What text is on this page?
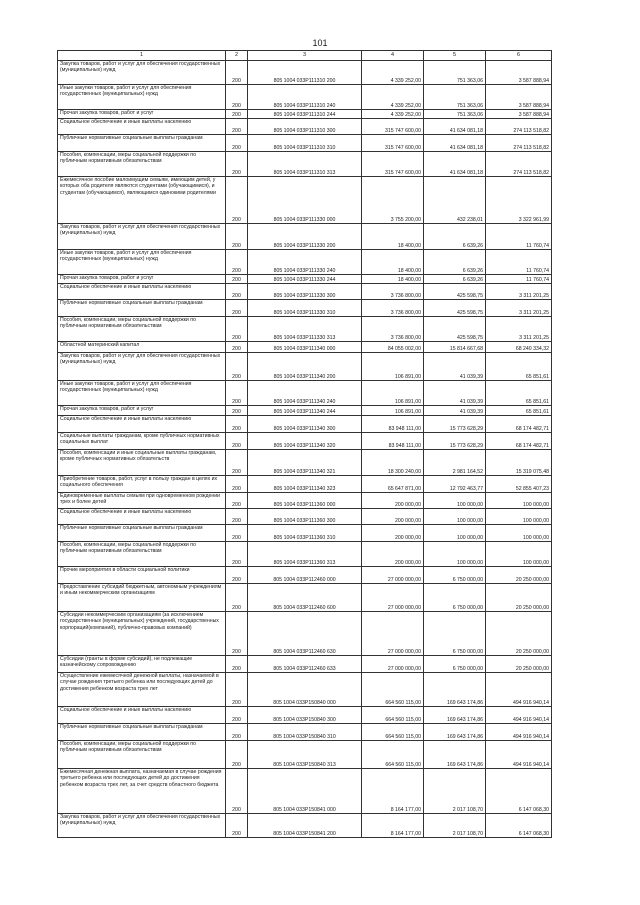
101
1	2	3	4	5	6
Закупка товаров, работ и услуг для обеспечения государственных (муниципальных) нужд	200	805 1004 033P111310 200	4 339 252,00	751 363,06	3 587 888,94
Иные закупки товаров, работ и услуг для обеспечения государственных (муниципальных) нужд	200	805 1004 033P111310 240	4 339 252,00	751 363,06	3 587 888,94
Прочая закупка товаров, работ и услуг	200	805 1004 033P111310 244	4 339 252,00	751 363,06	3 587 888,94
Социальное обеспечение и иные выплаты населению	200	805 1004 033P111310 300	315 747 600,00	41 634 081,18	274 113 518,82
Публичные нормативные социальные выплаты гражданам	200	805 1004 033P111310 310	315 747 600,00	41 634 081,18	274 113 518,82
Пособия, компенсации, меры социальной поддержки по публичным нормативным обязательствам	200	805 1004 033P111310 313	315 747 600,00	41 634 081,18	274 113 518,82
Ежемесячное пособие малоимущим семьям, имеющим детей, у которых оба родителя являются студентами (обучающимися), и студентам (обучающимся), являющимся одинокими родителями	200	805 1004 033P111330 000	3 755 200,00	432 238,01	3 322 961,99
Закупка товаров, работ и услуг для обеспечения государственных (муниципальных) нужд	200	805 1004 033P111330 200	18 400,00	6 639,26	11 760,74
Иные закупки товаров, работ и услуг для обеспечения государственных (муниципальных) нужд	200	805 1004 033P111330 240	18 400,00	6 639,26	11 760,74
Прочая закупка товаров, работ и услуг	200	805 1004 033P111330 244	18 400,00	6 639,26	11 760,74
Социальное обеспечение и иные выплаты населению	200	805 1004 033P111330 300	3 736 800,00	425 598,75	3 311 201,25
Публичные нормативные социальные выплаты гражданам	200	805 1004 033P111330 310	3 736 800,00	425 598,75	3 311 201,25
Пособия, компенсации, меры социальной поддержки по публичным нормативным обязательствам	200	805 1004 033P111330 313	3 736 800,00	425 598,75	3 311 201,25
Областной материнский капитал	200	805 1004 033P111340 000	84 055 002,00	15 814 667,68	68 240 334,32
Закупка товаров, работ и услуг для обеспечения государственных (муниципальных) нужд	200	805 1004 033P111340 200	106 891,00	41 039,39	65 851,61
Иные закупки товаров, работ и услуг для обеспечения государственных (муниципальных) нужд	200	805 1004 033P111340 240	106 891,00	41 039,39	65 851,61
Прочая закупка товаров, работ и услуг	200	805 1004 033P111340 244	106 891,00	41 039,39	65 851,61
Социальное обеспечение и иные выплаты населению	200	805 1004 033P111340 300	83 948 111,00	15 773 628,29	68 174 482,71
Социальные выплаты гражданам, кроме публичных нормативных социальных выплат	200	805 1004 033P111340 320	83 948 111,00	15 773 628,29	68 174 482,71
Пособия, компенсации и иные социальные выплаты гражданам, кроме публичных нормативных обязательств	200	805 1004 033P111340 321	18 300 240,00	2 981 164,52	15 319 075,48
Приобретение товаров, работ, услуг в пользу граждан в целях их социального обеспечения	200	805 1004 033P111340 323	65 647 871,00	12 792 463,77	52 855 407,23
Единовременные выплаты семьям при одновременном рождении трех и более детей	200	805 1004 033P111360 000	200 000,00	100 000,00	100 000,00
Социальное обеспечение и иные выплаты населению	200	805 1004 033P111360 300	200 000,00	100 000,00	100 000,00
Публичные нормативные социальные выплаты гражданам	200	805 1004 033P111360 310	200 000,00	100 000,00	100 000,00
Пособия, компенсации, меры социальной поддержки по публичным нормативным обязательствам	200	805 1004 033P111360 313	200 000,00	100 000,00	100 000,00
Прочие мероприятия в области социальной политики	200	805 1004 033P112460 000	27 000 000,00	6 750 000,00	20 250 000,00
Предоставление субсидий бюджетным, автономным учреждениям и иным некоммерческим организациям	200	805 1004 033P112460 600	27 000 000,00	6 750 000,00	20 250 000,00
Субсидии некоммерческим организациям (за исключением государственных (муниципальных) учреждений, государственных корпораций(компаний), публично-правовых компаний)	200	805 1004 033P112460 630	27 000 000,00	6 750 000,00	20 250 000,00
Субсидии (гранты в форме субсидий), не подлежащие казначейскому сопровождению	200	805 1004 033P112460 633	27 000 000,00	6 750 000,00	20 250 000,00
Осуществление ежемесячной денежной выплаты, назначаемой в случае рождения третьего ребенка или последующих детей до достижения ребенком возраста трех лет	200	805 1004 033P150840 000	664 560 115,00	169 643 174,86	494 916 940,14
Социальное обеспечение и иные выплаты населению	200	805 1004 033P150840 300	664 560 115,00	169 643 174,86	494 916 940,14
Публичные нормативные социальные выплаты гражданам	200	805 1004 033P150840 310	664 560 115,00	169 643 174,86	494 916 940,14
Пособия, компенсации, меры социальной поддержки по публичным нормативным обязательствам	200	805 1004 033P150840 313	664 560 115,00	169 643 174,86	494 916 940,14
Ежемесячная денежная выплата, назначаемая в случае рождения третьего ребенка или последующих детей до достижения ребенком возраста трех лет, за счет средств областного бюджета	200	805 1004 033P150841 000	8 164 177,00	2 017 108,70	6 147 068,30
Закупка товаров, работ и услуг для обеспечения государственных (муниципальных) нужд	200	805 1004 033P150841 200	8 164 177,00	2 017 108,70	6 147 068,30
